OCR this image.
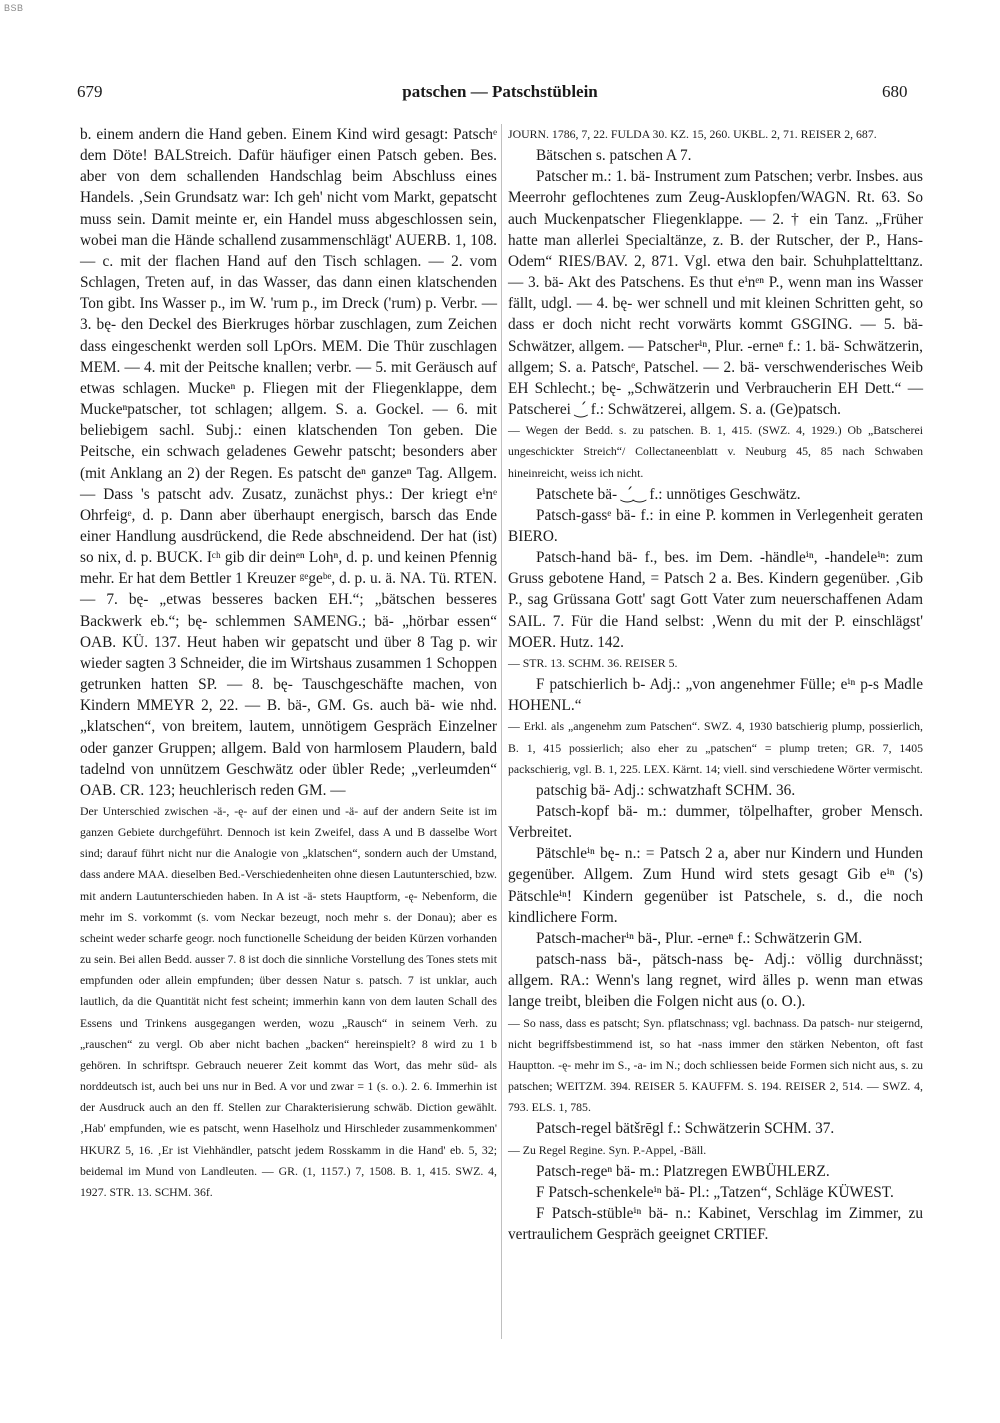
BSB
679	patschen — Patschstüblein	680

b. einem andern die Hand geben. Einem Kind wird gesagt: Patschᵉ dem Döte! BALStreich. Dafür häufiger einen Patsch geben. Bes. aber von dem schallenden Handschlag beim Abschluss eines Handels. ‚Sein Grundsatz war: Ich geh' nicht vom Markt, gepatscht muss sein. Damit meinte er, ein Handel muss abgeschlossen sein, wobei man die Hände schallend zusammenschlägt' AUERB. 1, 108. — c. mit der flachen Hand auf den Tisch schlagen. — 2. vom Schlagen, Treten auf, in das Wasser, das dann einen klatschenden Ton gibt. Ins Wasser p., im W. 'rum p., im Dreck ('rum) p. Verbr. — 3. bę- den Deckel des Bierkruges hörbar zuschlagen, zum Zeichen dass eingeschenkt werden soll LpOrs. MEM. Die Thür zuschlagen MEM. — 4. mit der Peitsche knallen; verbr. — 5. mit Geräusch auf etwas schlagen. Muckeⁿ p. Fliegen mit der Fliegenklappe, dem Muckeⁿpatscher, tot schlagen; allgem. S. a. Gockel. — 6. mit beliebigem sachl. Subj.: einen klatschenden Ton geben. Die Peitsche, ein schwach geladenes Gewehr patscht; besonders aber (mit Anklang an 2) der Regen. Es patscht deⁿ ganzeⁿ Tag. Allgem. — Dass 's patscht adv. Zusatz, zunächst phys.: Der kriegt eⁱnᵉ Ohrfeigᵉ, d. p. Dann aber überhaupt energisch, barsch das Ende einer Handlung ausdrückend, die Rede abschneidend. Der hat (ist) so nix, d. p. BUCK. Iᶜʰ gib dir deinᵉⁿ Lohⁿ, d. p. und keinen Pfennig mehr. Er hat dem Bettler 1 Kreuzer ᵍᵉgeᵇᵉ, d. p. u. ä. NA. Tü. RTEN. — 7. bę- „etwas besseres backen EH.“; „bätschen besseres Backwerk eb.“; bę- schlemmen SAMENG.; bä- „hörbar essen“ OAB. KÜ. 137. Heut haben wir gepatscht und über 8 Tag p. wir wieder sagten 3 Schneider, die im Wirtshaus zusammen 1 Schoppen getrunken hatten SP. — 8. bę- Tauschgeschäfte machen, von Kindern MMEYR 2, 22. — B. bä-, GM. Gs. auch bä- wie nhd. „klatschen“, von breitem, lautem, unnötigem Gespräch Einzelner oder ganzer Gruppen; allgem. Bald von harmlosem Plaudern, bald tadelnd von unnützem Geschwätz oder übler Rede; „verleumden“ OAB. CR. 123; heuchlerisch reden GM. —

Der Unterschied zwischen -ä-, -ę- auf der einen und -ä- auf der andern Seite ist im ganzen Gebiete durchgeführt. Dennoch ist kein Zweifel, dass A und B dasselbe Wort sind; darauf führt nicht nur die Analogie von „klatschen“, sondern auch der Umstand, dass andere MAA. dieselben Bed.-Verschiedenheiten ohne diesen Lautunterschied, bzw. mit andern Lautunterschieden haben. In A ist -ä- stets Hauptform, -ę- Nebenform, die mehr im S. vorkommt (s. vom Neckar bezeugt, noch mehr s. der Donau); aber es scheint weder scharfe geogr. noch functionelle Scheidung der beiden Kürzen vorhanden zu sein. Bei allen Bedd. ausser 7. 8 ist doch die sinnliche Vorstellung des Tones stets mit empfunden oder allein empfunden; über dessen Natur s. patsch. 7 ist unklar, auch lautlich, da die Quantität nicht fest scheint; immerhin kann von dem lauten Schall des Essens und Trinkens ausgegangen werden, wozu „Rausch“ in seinem Verh. zu „rauschen“ zu vergl. Ob aber nicht bachen „backen“ hereinspielt? 8 wird zu 1 b gehören. In schriftspr. Gebrauch neuerer Zeit kommt das Wort, das mehr süd- als norddeutsch ist, auch bei uns nur in Bed. A vor und zwar = 1 (s. o.). 2. 6. Immerhin ist der Ausdruck auch an den ff. Stellen zur Charakterisierung schwäb. Diction gewählt. ‚Hab' empfunden, wie es patscht, wenn Haselholz und Hirschleder zusammenkommen' HKURZ 5, 16. ‚Er ist Viehhändler, patscht jedem Rosskamm in die Hand' eb. 5, 32; beidemal im Mund von Landleuten. — GR. (1, 1157.) 7, 1508. B. 1, 415. SWZ. 4, 1927. STR. 13. SCHM. 36f.

JOURN. 1786, 7, 22. FULDA 30. KZ. 15, 260. UKBL. 2, 71. REISER 2, 687.

Bätschen s. patschen A 7.

Patscher m.: 1. bä- Instrument zum Patschen; verbr. Insbes. aus Meerrohr geflochtenes zum Zeug-Ausklopfen/WAGN. Rt. 63. So auch Muckenpatscher Fliegenklappe. — 2. † ein Tanz. „Früher hatte man allerlei Specialtänze, z. B. der Rutscher, der P., Hans-Odem“ RIES/BAV. 2, 871. Vgl. etwa den bair. Schuhplattelttanz. — 3. bä- Akt des Patschens. Es thut eⁱnᵉⁿ P., wenn man ins Wasser fällt, udgl. — 4. bę- wer schnell und mit kleinen Schritten geht, so dass er doch nicht recht vorwärts kommt GSGING. — 5. bä- Schwätzer, allgem. — Patscherⁱⁿ, Plur. -erneⁿ f.: 1. bä- Schwätzerin, allgem; S. a. Patschᵉ, Patschel. — 2. bä- verschwenderisches Weib EH Schlecht.; bę- „Schwätzerin und Verbraucherin EH Dett.“ — Patscherei ‿́ f.: Schwätzerei, allgem. S. a. (Ge)patsch.

— Wegen der Bedd. s. zu patschen. B. 1, 415. (SWZ. 4, 1929.) Ob „Batscherei ungeschickter Streich“/ Collectaneenblatt v. Neuburg 45, 85 nach Schwaben hineinreicht, weiss ich nicht.

Patschete bä- ‿́‿ f.: unnötiges Geschwätz.

Patsch-gassᵉ bä- f.: in eine P. kommen in Verlegenheit geraten BIERO.

Patsch-hand bä- f., bes. im Dem. -händleⁱⁿ, -handeleⁱⁿ: zum Gruss gebotene Hand, = Patsch 2 a. Bes. Kindern gegenüber. ‚Gib P., sag Grüssana Gott' sagt Gott Vater zum neuerschaffenen Adam SAIL. 7. Für die Hand selbst: ‚Wenn du mit der P. einschlägst' MOER. Hutz. 142.

— STR. 13. SCHM. 36. REISER 5.

F patschierlich b- Adj.: „von angenehmer Fülle; eⁱⁿ p-s Madle HOHENL.“

— Erkl. als „angenehm zum Patschen“. SWZ. 4, 1930 batschierig plump, possierlich, B. 1, 415 possierlich; also eher zu „patschen“ = plump treten; GR. 7, 1405 packschierig, vgl. B. 1, 225. LEX. Kärnt. 14; viell. sind verschiedene Wörter vermischt.

patschig bä- Adj.: schwatzhaft SCHM. 36.

Patsch-kopf bä- m.: dummer, tölpelhafter, grober Mensch. Verbreitet.

Pätschleⁱⁿ bę- n.: = Patsch 2 a, aber nur Kindern und Hunden gegenüber. Allgem. Zum Hund wird stets gesagt Gib eⁱⁿ ('s) Pätschleⁱⁿ! Kindern gegenüber ist Patschele, s. d., die noch kindlichere Form.

Patsch-macherⁱⁿ bä-, Plur. -erneⁿ f.: Schwätzerin GM.

patsch-nass bä-, pätsch-nass bę- Adj.: völlig durchnässt; allgem. RA.: Wenn's lang regnet, wird älles p. wenn man etwas lange treibt, bleiben die Folgen nicht aus (o. O.).

— So nass, dass es patscht; Syn. pflatschnass; vgl. bachnass. Da patsch- nur steigernd, nicht begriffsbestimmend ist, so hat -nass immer den stärken Nebenton, oft fast Hauptton. -ę- mehr im S., -a- im N.; doch schliessen beide Formen sich nicht aus, s. zu patschen; WEITZM. 394. REISER 5. KAUFFM. S. 194. REISER 2, 514. — SWZ. 4, 793. ELS. 1, 785.

Patsch-regel bätšrēgl f.: Schwätzerin SCHM. 37.

— Zu Regel Regine. Syn. P.-Appel, -Bäll.

Patsch-regeⁿ bä- m.: Platzregen EWBÜHLERZ.

F Patsch-schenkeleⁱⁿ bä- Pl.: „Tatzen“, Schläge KÜWEST.

F Patsch-stübleⁱⁿ bä- n.: Kabinet, Verschlag im Zimmer, zu vertraulichem Gespräch geeignet CRTIEF.
